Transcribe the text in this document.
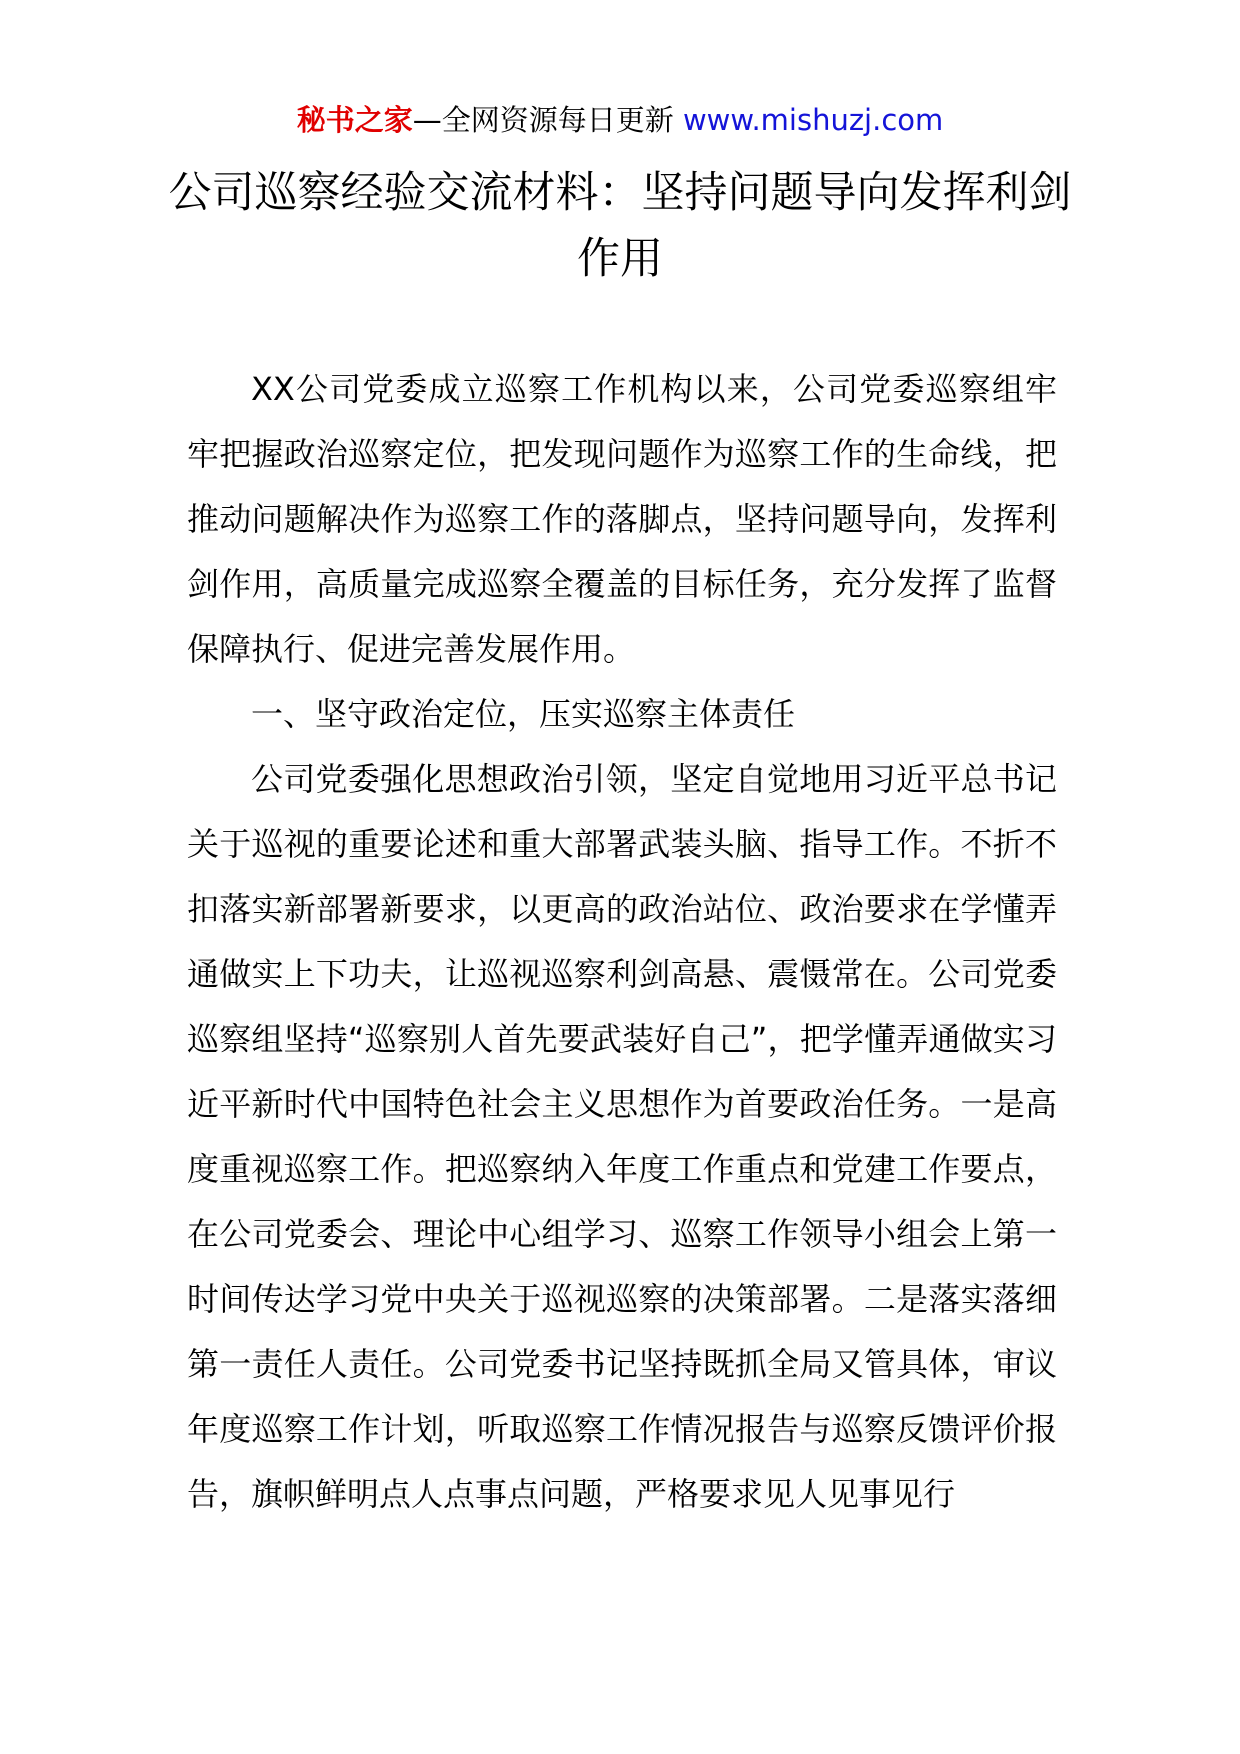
秘书之家—全网资源每日更新 www.mishuzj.com
公司巡察经验交流材料：坚持问题导向发挥利剑作用

XX公司党委成立巡察工作机构以来，公司党委巡察组牢牢把握政治巡察定位，把发现问题作为巡察工作的生命线，把推动问题解决作为巡察工作的落脚点，坚持问题导向，发挥利剑作用，高质量完成巡察全覆盖的目标任务，充分发挥了监督保障执行、促进完善发展作用。

一、坚守政治定位，压实巡察主体责任

公司党委强化思想政治引领，坚定自觉地用习近平总书记关于巡视的重要论述和重大部署武装头脑、指导工作。不折不扣落实新部署新要求，以更高的政治站位、政治要求在学懂弄通做实上下功夫，让巡视巡察利剑高悬、震慑常在。公司党委巡察组坚持“巡察别人首先要武装好自己”，把学懂弄通做实习近平新时代中国特色社会主义思想作为首要政治任务。一是高度重视巡察工作。把巡察纳入年度工作重点和党建工作要点，在公司党委会、理论中心组学习、巡察工作领导小组会上第一时间传达学习党中央关于巡视巡察的决策部署。二是落实落细第一责任人责任。公司党委书记坚持既抓全局又管具体，审议年度巡察工作计划，听取巡察工作情况报告与巡察反馈评价报告，旗帜鲜明点人点事点问题，严格要求见人见事见行
